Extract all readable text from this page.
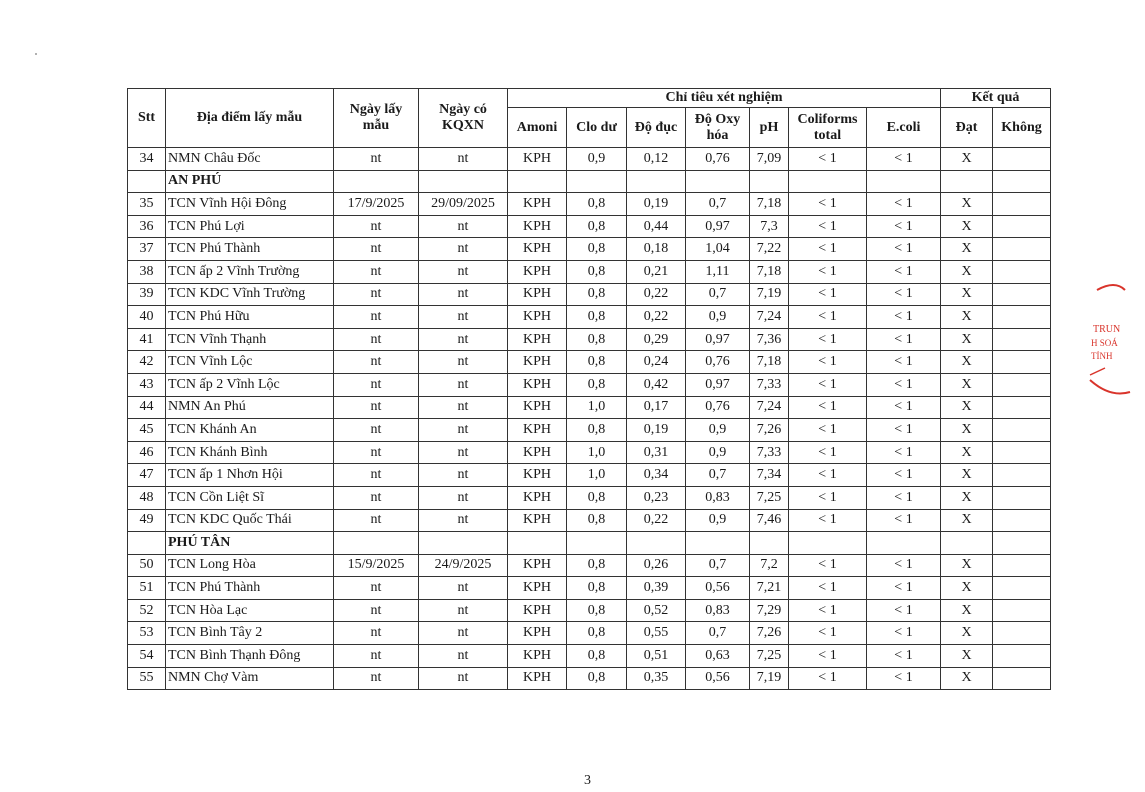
Stt	Địa điểm lấy mẫu	Ngày lấy mẫu	Ngày có KQXN	Chỉ tiêu xét nghiệm							Kết quả	
				Amoni	Clo dư	Độ đục	Độ Oxy hóa	pH	Coliforms total	E.coli	Đạt	Không
34	NMN Châu Đốc	nt	nt	KPH	0,9	0,12	0,76	7,09	< 1	< 1	X	
	AN PHÚ											
35	TCN Vĩnh Hội Đông	17/9/2025	29/09/2025	KPH	0,8	0,19	0,7	7,18	< 1	< 1	X	
36	TCN Phú Lợi	nt	nt	KPH	0,8	0,44	0,97	7,3	< 1	< 1	X	
37	TCN Phú Thành	nt	nt	KPH	0,8	0,18	1,04	7,22	< 1	< 1	X	
38	TCN ấp 2 Vĩnh Trường	nt	nt	KPH	0,8	0,21	1,11	7,18	< 1	< 1	X	
39	TCN KDC Vĩnh Trường	nt	nt	KPH	0,8	0,22	0,7	7,19	< 1	< 1	X	
40	TCN Phú Hữu	nt	nt	KPH	0,8	0,22	0,9	7,24	< 1	< 1	X	
41	TCN Vĩnh Thạnh	nt	nt	KPH	0,8	0,29	0,97	7,36	< 1	< 1	X	
42	TCN Vĩnh Lộc	nt	nt	KPH	0,8	0,24	0,76	7,18	< 1	< 1	X	
43	TCN ấp 2 Vĩnh Lộc	nt	nt	KPH	0,8	0,42	0,97	7,33	< 1	< 1	X	
44	NMN An Phú	nt	nt	KPH	1,0	0,17	0,76	7,24	< 1	< 1	X	
45	TCN Khánh An	nt	nt	KPH	0,8	0,19	0,9	7,26	< 1	< 1	X	
46	TCN Khánh Bình	nt	nt	KPH	1,0	0,31	0,9	7,33	< 1	< 1	X	
47	TCN ấp 1 Nhơn Hội	nt	nt	KPH	1,0	0,34	0,7	7,34	< 1	< 1	X	
48	TCN Cồn Liệt Sĩ	nt	nt	KPH	0,8	0,23	0,83	7,25	< 1	< 1	X	
49	TCN KDC Quốc Thái	nt	nt	KPH	0,8	0,22	0,9	7,46	< 1	< 1	X	
	PHÚ TÂN											
50	TCN Long Hòa	15/9/2025	24/9/2025	KPH	0,8	0,26	0,7	7,2	< 1	< 1	X	
51	TCN Phú Thành	nt	nt	KPH	0,8	0,39	0,56	7,21	< 1	< 1	X	
52	TCN Hòa Lạc	nt	nt	KPH	0,8	0,52	0,83	7,29	< 1	< 1	X	
53	TCN Bình Tây 2	nt	nt	KPH	0,8	0,55	0,7	7,26	< 1	< 1	X	
54	TCN Bình Thạnh Đông	nt	nt	KPH	0,8	0,51	0,63	7,25	< 1	< 1	X	
55	NMN Chợ Vàm	nt	nt	KPH	0,8	0,35	0,56	7,19	< 1	< 1	X	
3
TRUN
H SOÁ
TỈNH
